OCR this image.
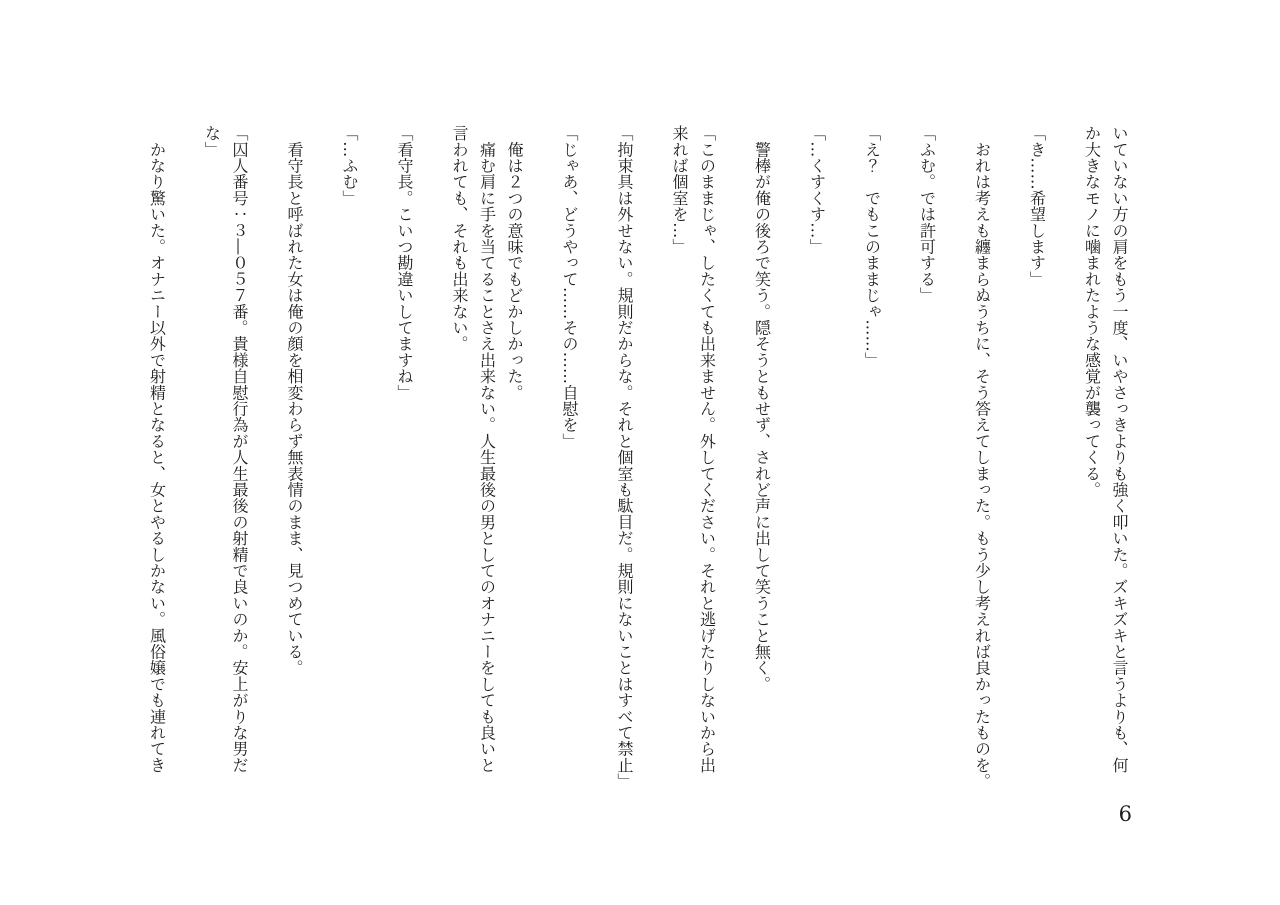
いていない方の肩をもう一度、いやさっきよりも強く叩いた。ズキズキと言うよりも、何
か大きなモノに噛まれたような感覚が襲ってくる。
「き……希望します」
　おれは考えも纏まらぬうちに、そう答えてしまった。もう少し考えれば良かったものを。
「ふむ。では許可する」
「え？　でもこのままじゃ……」
「…くすくす…」
　警棒が俺の後ろで笑う。隠そうともせず、されど声に出して笑うこと無く。
「このままじゃ、したくても出来ません。外してください。それと逃げたりしないから出
来れば個室を…」
「拘束具は外せない。規則だからな。それと個室も駄目だ。規則にないことはすべて禁止」
「じゃあ、どうやって……その……自慰を」
　俺は２つの意味でもどかしかった。
　痛む肩に手を当てることさえ出来ない。人生最後の男としてのオナニーをしても良いと
言われても、それも出来ない。
「看守長。こいつ勘違いしてますね」
「…ふむ」
　看守長と呼ばれた女は俺の顔を相変わらず無表情のまま、見つめている。
「囚人番号：３―０５７番。貴様自慰行為が人生最後の射精で良いのか。安上がりな男だ
な」
　かなり驚いた。オナニー以外で射精となると、女とやるしかない。風俗嬢でも連れてき
6
